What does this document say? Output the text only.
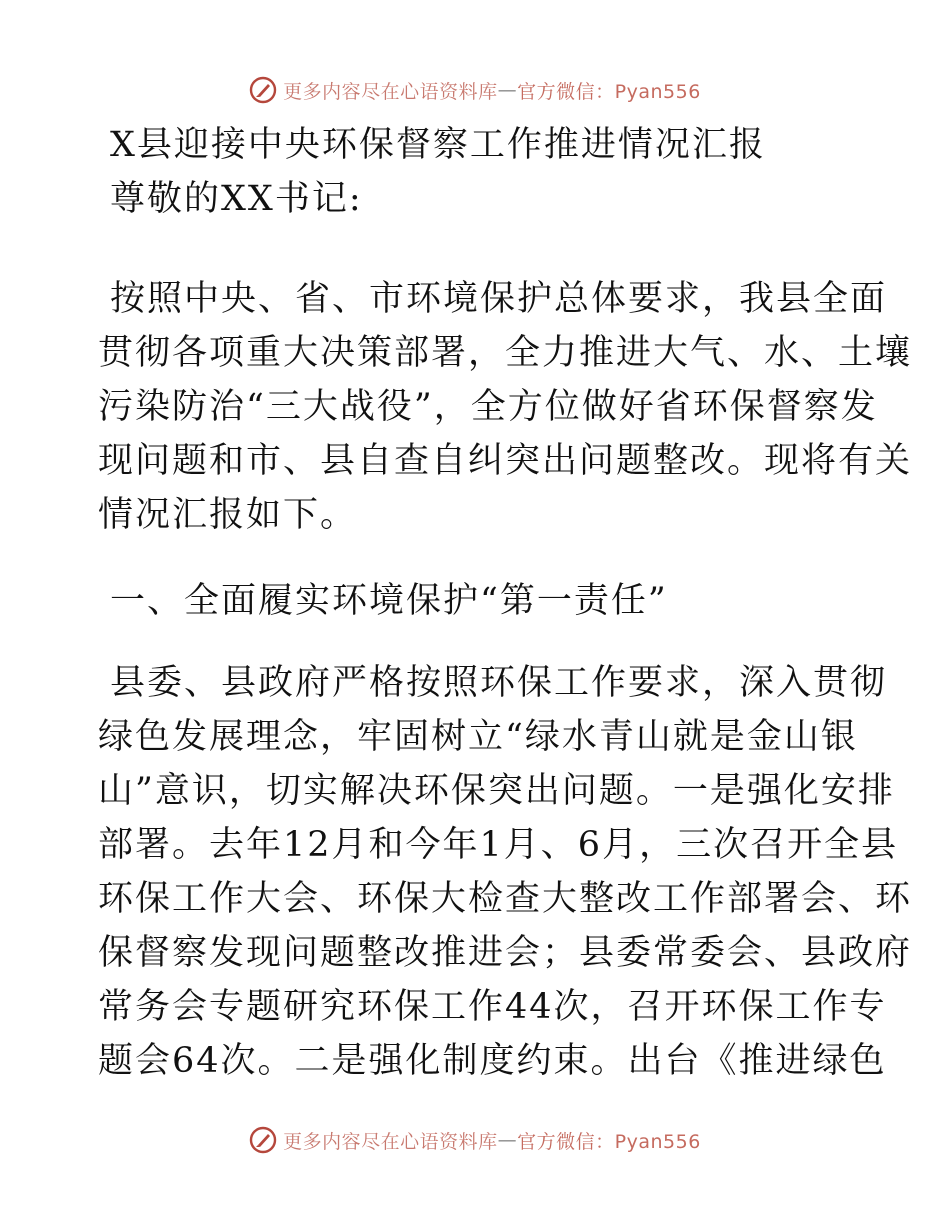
更多内容尽在心语资料库 — 官方微信：Pyan556
X县迎接中央环保督察工作推进情况汇报

尊敬的XX书记:

按照中央、省、市环境保护总体要求，我县全面
贯彻各项重大决策部署，全力推进大气、水、土壤
污染防治“三大战役”，全方位做好省环保督察发
现问题和市、县自查自纠突出问题整改。现将有关
情况汇报如下。
一、全面履实环境保护“第一责任”
县委、县政府严格按照环保工作要求，深入贯彻
绿色发展理念，牢固树立“绿水青山就是金山银
山”意识，切实解决环保突出问题。一是强化安排
部署。去年12月和今年1月、6月，三次召开全县
环保工作大会、环保大检查大整改工作部署会、环
保督察发现问题整改推进会；县委常委会、县政府
常务会专题研究环保工作44次，召开环保工作专
题会64次。二是强化制度约束。出台《推进绿色
更多内容尽在心语资料库 — 官方微信：Pyan556
